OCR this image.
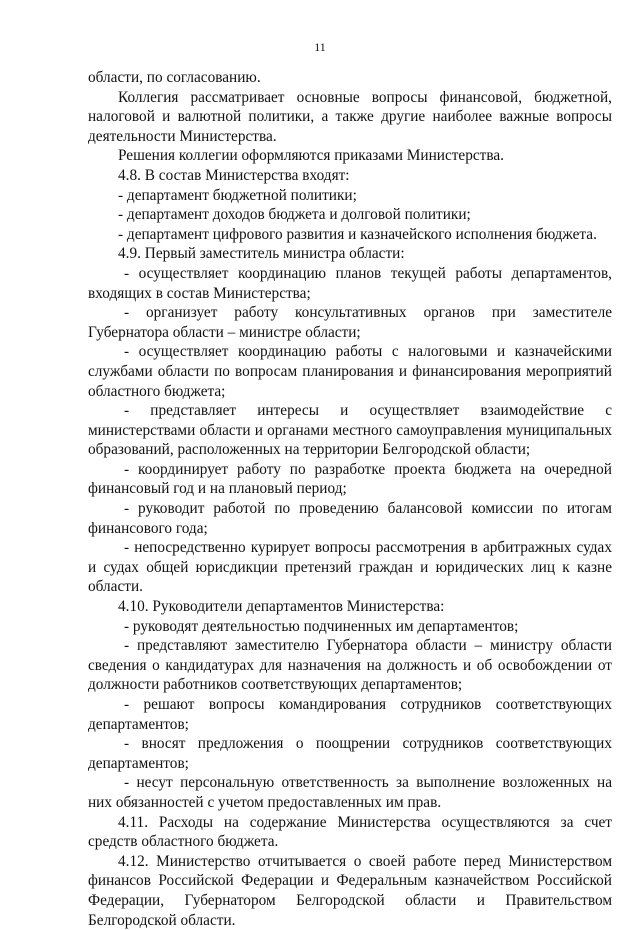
11

области, по согласованию.

Коллегия рассматривает основные вопросы финансовой, бюджетной, налоговой и валютной политики, а также другие наиболее важные вопросы деятельности Министерства.

Решения коллегии оформляются приказами Министерства.

4.8. В состав Министерства входят:

- департамент бюджетной политики;

- департамент доходов бюджета и долговой политики;

- департамент цифрового развития и казначейского исполнения бюджета.

4.9. Первый заместитель министра области:

- осуществляет координацию планов текущей работы департаментов, входящих в состав Министерства;

- организует работу консультативных органов при заместителе Губернатора области – министре области;

- осуществляет координацию работы с налоговыми и казначейскими службами области по вопросам планирования и финансирования мероприятий областного бюджета;

- представляет интересы и осуществляет взаимодействие с министерствами области и органами местного самоуправления муниципальных образований, расположенных на территории Белгородской области;

- координирует работу по разработке проекта бюджета на очередной финансовый год и на плановый период;

- руководит работой по проведению балансовой комиссии по итогам финансового года;

- непосредственно курирует вопросы рассмотрения в арбитражных судах и судах общей юрисдикции претензий граждан и юридических лиц к казне области.

4.10. Руководители департаментов Министерства:

- руководят деятельностью подчиненных им департаментов;

- представляют заместителю Губернатора области – министру области сведения о кандидатурах для назначения на должность и об освобождении от должности работников соответствующих департаментов;

- решают вопросы командирования сотрудников соответствующих департаментов;

- вносят предложения о поощрении сотрудников соответствующих департаментов;

- несут персональную ответственность за выполнение возложенных на них обязанностей с учетом предоставленных им прав.

4.11. Расходы на содержание Министерства осуществляются за счет средств областного бюджета.

4.12. Министерство отчитывается о своей работе перед Министерством финансов Российской Федерации и Федеральным казначейством Российской Федерации, Губернатором Белгородской области и Правительством Белгородской области.
